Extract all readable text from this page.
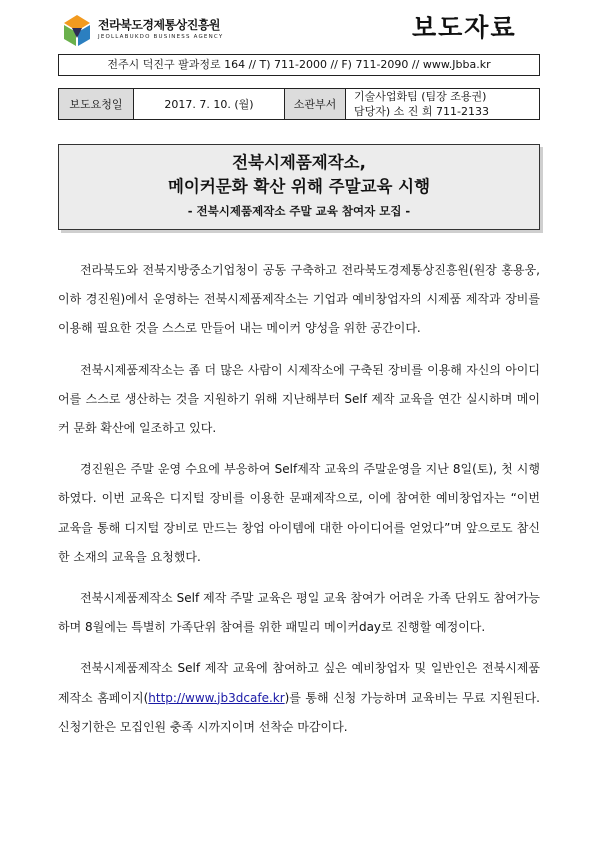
전라북도경제통상진흥원
JEOLLABUKDO BUSINESS AGENCY	보도자료
전주시 덕진구 팔과정로 164 // T) 711-2000 // F) 711-2090 // www.Jbba.kr
보도요청일	2017. 7. 10. (월)	소관부서	
기술사업화팀 (팀장 조용권)
담당자) 소 진 희 711-2133
전북시제품제작소,
메이커문화 확산 위해 주말교육 시행
- 전북시제품제작소 주말 교육 참여자 모집 -

전라북도와 전북지방중소기업청이 공동 구축하고 전라북도경제통상진흥원(원장 홍용웅, 이하 경진원)에서 운영하는 전북시제품제작소는 기업과 예비창업자의 시제품 제작과 장비를 이용해 필요한 것을 스스로 만들어 내는 메이커 양성을 위한 공간이다.

전북시제품제작소는 좀 더 많은 사람이 시제작소에 구축된 장비를 이용해 자신의 아이디어를 스스로 생산하는 것을 지원하기 위해 지난해부터 Self 제작 교육을 연간 실시하며 메이커 문화 확산에 일조하고 있다.

경진원은 주말 운영 수요에 부응하여 Self제작 교육의 주말운영을 지난 8일(토), 첫 시행하였다. 이번 교육은 디지털 장비를 이용한 문패제작으로, 이에 참여한 예비창업자는 “이번 교육을 통해 디지털 장비로 만드는 창업 아이템에 대한 아이디어를 얻었다”며 앞으로도 참신한 소재의 교육을 요청했다.

전북시제품제작소 Self 제작 주말 교육은 평일 교육 참여가 어려운 가족 단위도 참여가능하며 8월에는 특별히 가족단위 참여를 위한 패밀리 메이커day로 진행할 예정이다.

전북시제품제작소 Self 제작 교육에 참여하고 싶은 예비창업자 및 일반인은 전북시제품제작소 홈페이지(http://www.jb3dcafe.kr)를 통해 신청 가능하며 교육비는 무료 지원된다. 신청기한은 모집인원 충족 시까지이며 선착순 마감이다.
